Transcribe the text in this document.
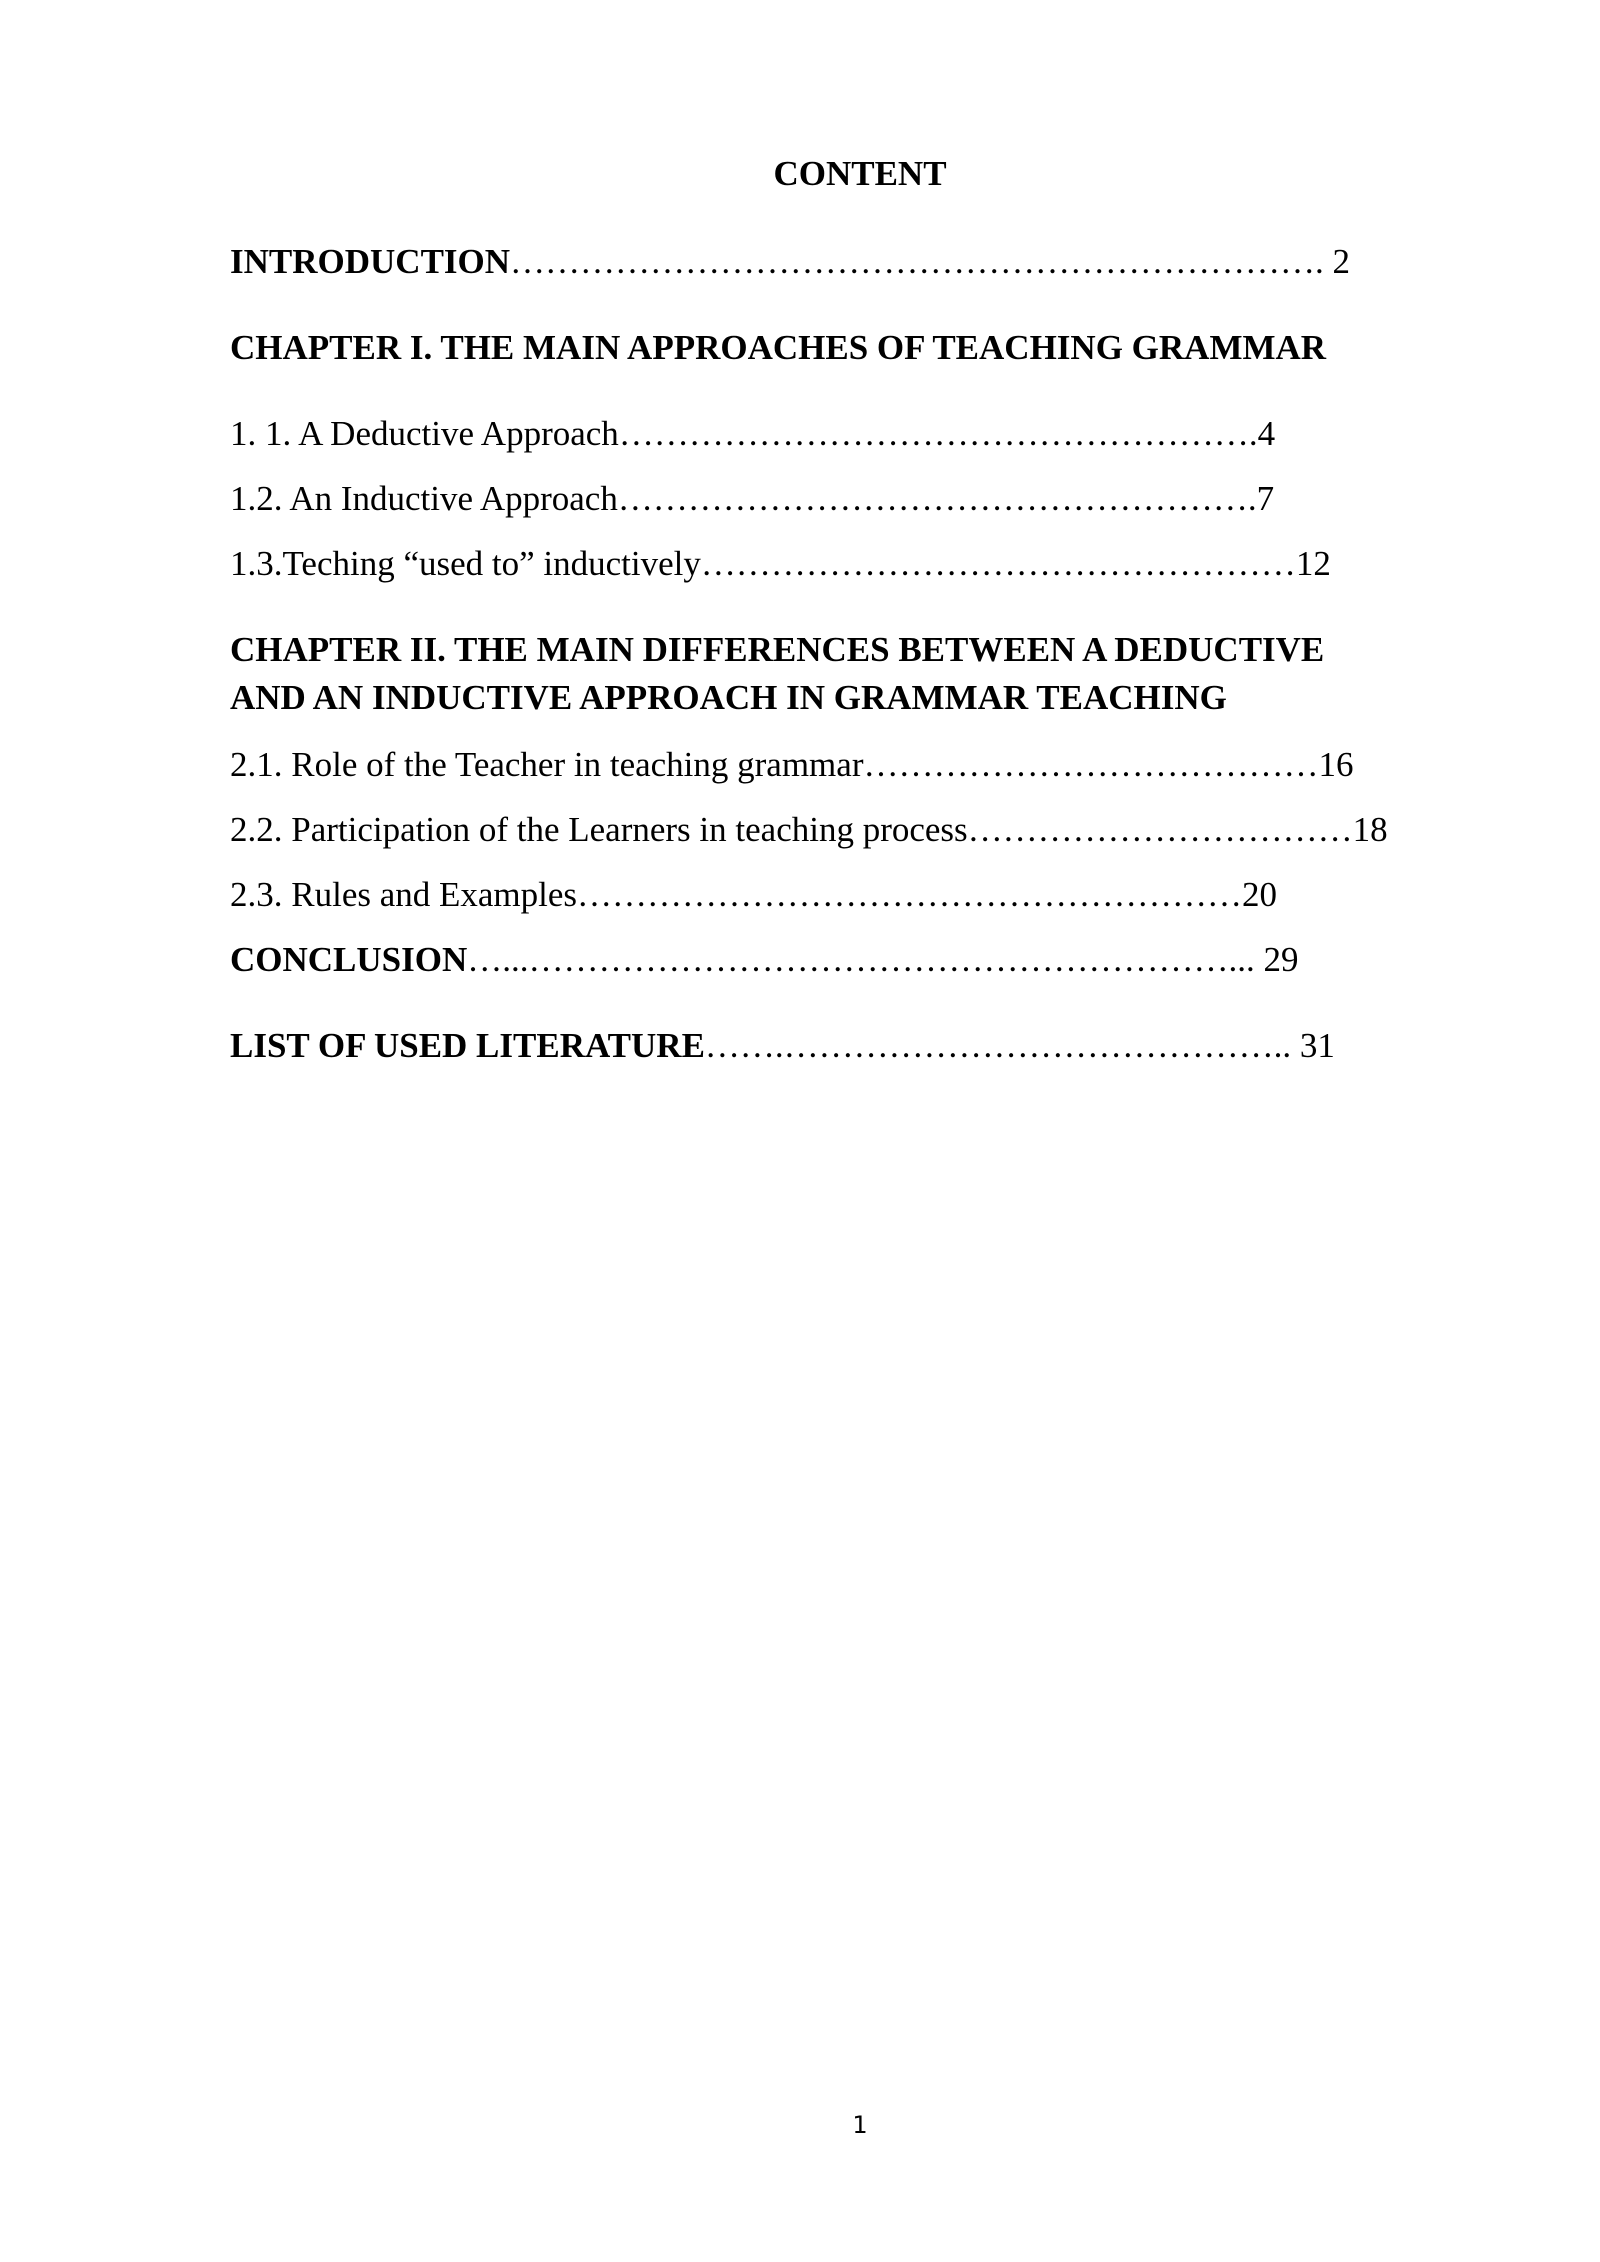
CONTENT
INTRODUCTION……………………………………………………………. 2
CHAPTER I. THE MAIN APPROACHES OF TEACHING GRAMMAR
1. 1. A Deductive Approach……………………………………………….4
1.2. An Inductive Approach……………………………………………….7
1.3.Teching “used to” inductively……………………………………………12
CHAPTER II. THE MAIN DIFFERENCES BETWEEN A DEDUCTIVE
AND AN INDUCTIVE APPROACH IN GRAMMAR TEACHING
2.1. Role of the Teacher in teaching grammar…………………………………16
2.2. Participation of the Learners in teaching process……………………………18
2.3. Rules and Examples…………………………………………………20
CONCLUSION…...……………………………………………………... 29
LIST OF USED LITERATURE…….…………………………………….. 31
1
